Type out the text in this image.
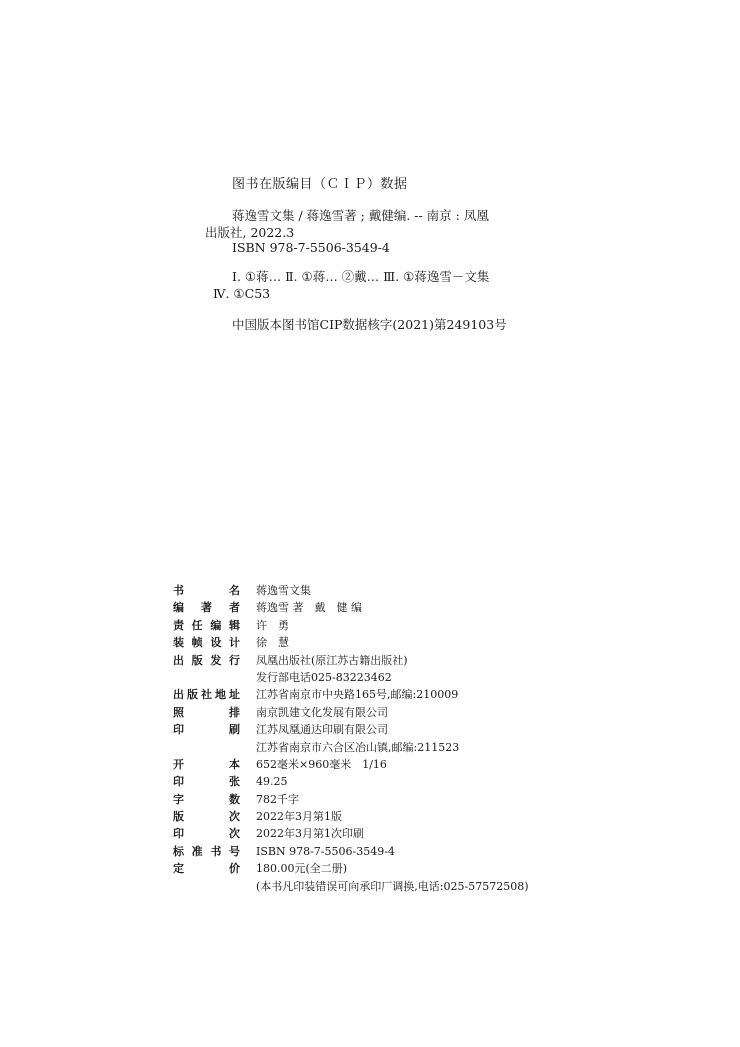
图书在版编目（ＣＩＰ）数据
蒋逸雪文集 / 蒋逸雪著 ; 戴健编. -- 南京 : 凤凰
出版社, 2022.3
ISBN 978-7-5506-3549-4
Ⅰ. ①蒋… Ⅱ. ①蒋… ②戴… Ⅲ. ①蒋逸雪－文集
Ⅳ. ①C53
中国版本图书馆CIP数据核字(2021)第249103号
书	名 蒋逸雪文集
编 著 者 蒋逸雪 著　戴　健 编
责 任 编 辑 许　勇
装 帧 设 计 徐　慧
出 版 发 行 凤凰出版社(原江苏古籍出版社)
发行部电话025-83223462
出 版 社 地 址 江苏省南京市中央路165号,邮编:210009
照	排 南京凯建文化发展有限公司
印	刷 江苏凤凰通达印刷有限公司
江苏省南京市六合区冶山镇,邮编:211523
开	本 652毫米×960毫米　1/16
印	张 49.25
字	数 782千字
版	次 2022年3月第1版
印	次 2022年3月第1次印刷
标 准 书 号 ISBN 978-7-5506-3549-4
定	价 180.00元(全二册)
(本书凡印装错误可向承印厂调换,电话:025-57572508)
